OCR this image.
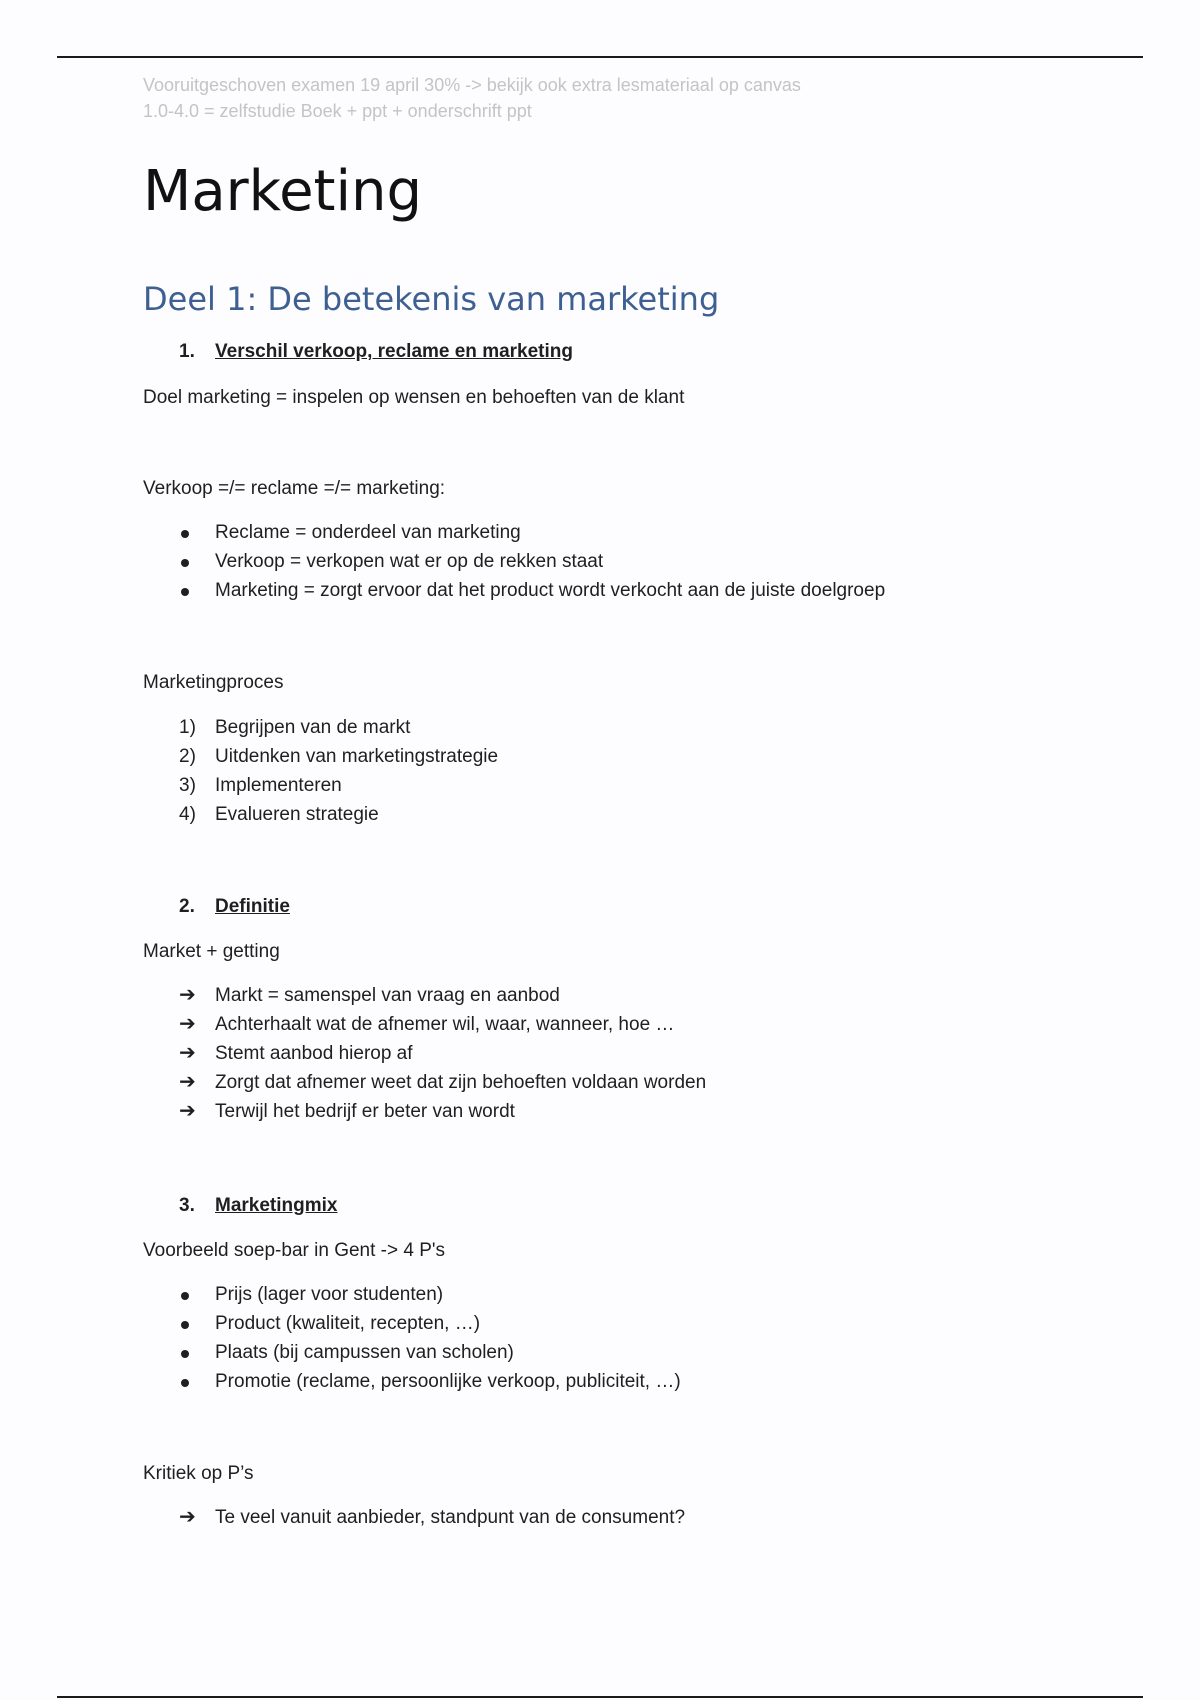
Vooruitgeschoven examen 19 april 30% -> bekijk ook extra lesmateriaal op canvas

1.0-4.0 = zelfstudie Boek + ppt + onderschrift ppt

Marketing
Deel 1: De betekenis van marketing
1.	Verschil verkoop, reclame en marketing

Doel marketing = inspelen op wensen en behoeften van de klant

Verkoop =/= reclame =/= marketing:

Reclame = onderdeel van marketing
Verkoop = verkopen wat er op de rekken staat
Marketing = zorgt ervoor dat het product wordt verkocht aan de juiste doelgroep

Marketingproces

1)	Begrijpen van de markt
2)	Uitdenken van marketingstrategie
3)	Implementeren
4)	Evalueren strategie
2.	Definitie

Market + getting

➔	Markt = samenspel van vraag en aanbod
➔	Achterhaalt wat de afnemer wil, waar, wanneer, hoe …
➔	Stemt aanbod hierop af
➔	Zorgt dat afnemer weet dat zijn behoeften voldaan worden
➔	Terwijl het bedrijf er beter van wordt
3.	Marketingmix

Voorbeeld soep-bar in Gent -> 4 P's

Prijs (lager voor studenten)
Product (kwaliteit, recepten, …)
Plaats (bij campussen van scholen)
Promotie (reclame, persoonlijke verkoop, publiciteit, …)

Kritiek op P’s

➔	Te veel vanuit aanbieder, standpunt van de consument?
